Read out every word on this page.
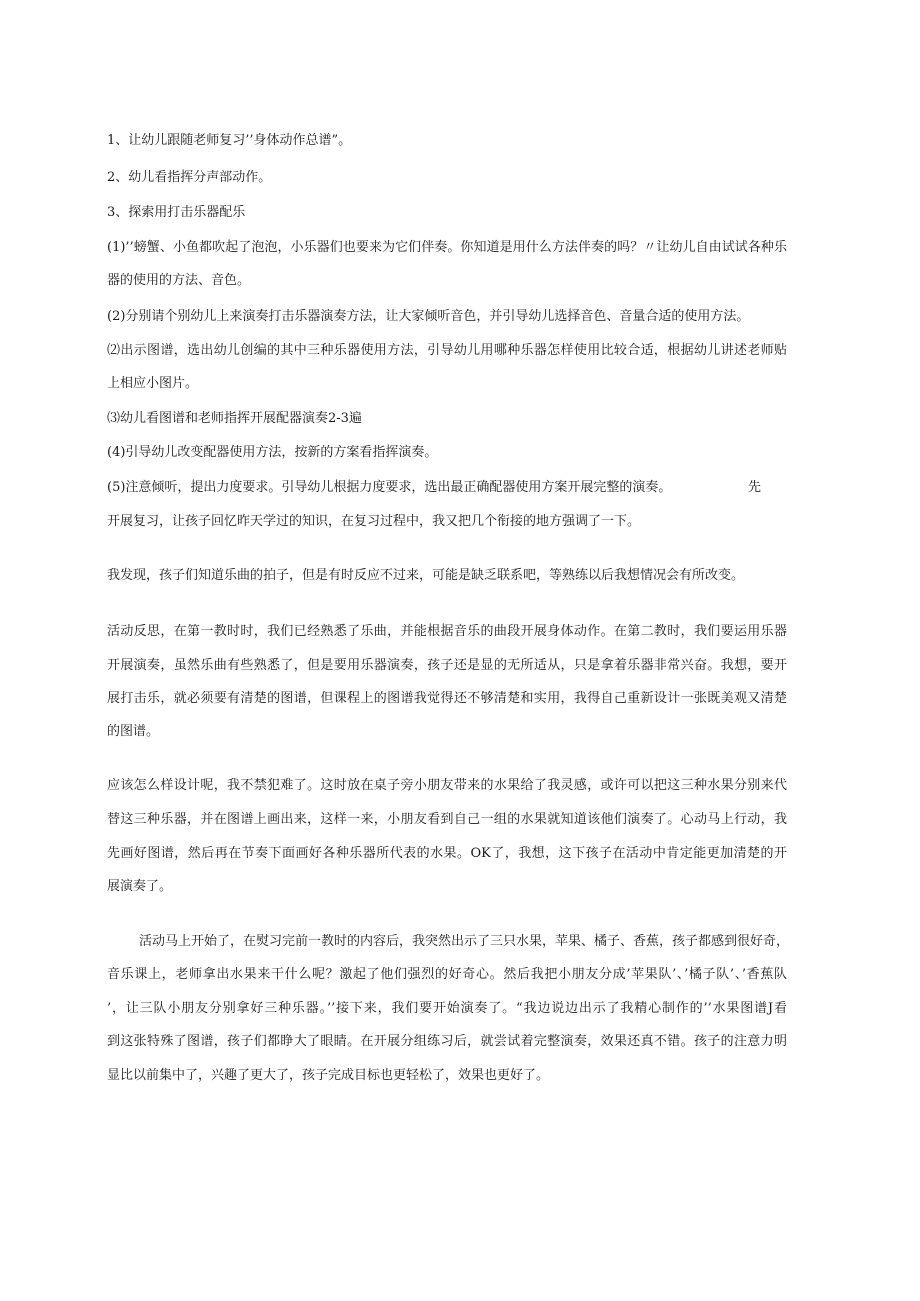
1、让幼儿跟随老师复习’’身体动作总谱”。
2、幼儿看指挥分声部动作。
3、探索用打击乐器配乐
(1)’’螃蟹、小鱼都吹起了泡泡，小乐器们也要来为它们伴奏。你知道是用什么方法伴奏的吗？〃让幼儿自由试试各种乐
器的使用的方法、音色。
(2)分别请个别幼儿上来演奏打击乐器演奏方法，让大家倾听音色，并引导幼儿选择音色、音量合适的使用方法。
⑵出示图谱，选出幼儿创编的其中三种乐器使用方法，引导幼儿用哪种乐器怎样使用比较合适，根据幼儿讲述老师贴
上相应小图片。
⑶幼儿看图谱和老师指挥开展配器演奏2-3遍
(4)引导幼儿改变配器使用方法，按新的方案看指挥演奏。
(5)注意倾听，提出力度要求。引导幼儿根据力度要求，选出最正确配器使用方案开展完整的演奏。	先
开展复习，让孩子回忆昨天学过的知识，在复习过程中，我又把几个衔接的地方强调了一下。
我发现，孩子们知道乐曲的拍子，但是有时反应不过来，可能是缺乏联系吧，等熟练以后我想情况会有所改变。
活动反思，在第一教时时，我们已经熟悉了乐曲，并能根据音乐的曲段开展身体动作。在第二教时，我们要运用乐器
开展演奏，虽然乐曲有些熟悉了，但是要用乐器演奏，孩子还是显的无所适从，只是拿着乐器非常兴奋。我想，要开
展打击乐，就必须要有清楚的图谱，但课程上的图谱我觉得还不够清楚和实用，我得自己重新设计一张既美观又清楚
的图谱。
应该怎么样设计呢，我不禁犯难了。这时放在桌子旁小朋友带来的水果给了我灵感，或许可以把这三种水果分别来代
替这三种乐器，并在图谱上画出来，这样一来，小朋友看到自己一组的水果就知道该他们演奏了。心动马上行动，我
先画好图谱，然后再在节奏下面画好各种乐器所代表的水果。OK了，我想，这下孩子在活动中肯定能更加清楚的开
展演奏了。
活动马上开始了，在熨习完前一教时的内容后，我突然出示了三只水果，苹果、橘子、香蕉，孩子都感到很好奇，
音乐课上，老师拿出水果来干什么呢？激起了他们强烈的好奇心。然后我把小朋友分成’苹果队’、’橘子队’、’香蕉队
’，让三队小朋友分别拿好三种乐器。’’接下来，我们要开始演奏了。“我边说边出示了我精心制作的’’水果图谱J看
到这张特殊了图谱，孩子们都睁大了眼睛。在开展分组练习后，就尝试着完整演奏，效果还真不错。孩子的注意力明
显比以前集中了，兴趣了更大了，孩子完成目标也更轻松了，效果也更好了。
